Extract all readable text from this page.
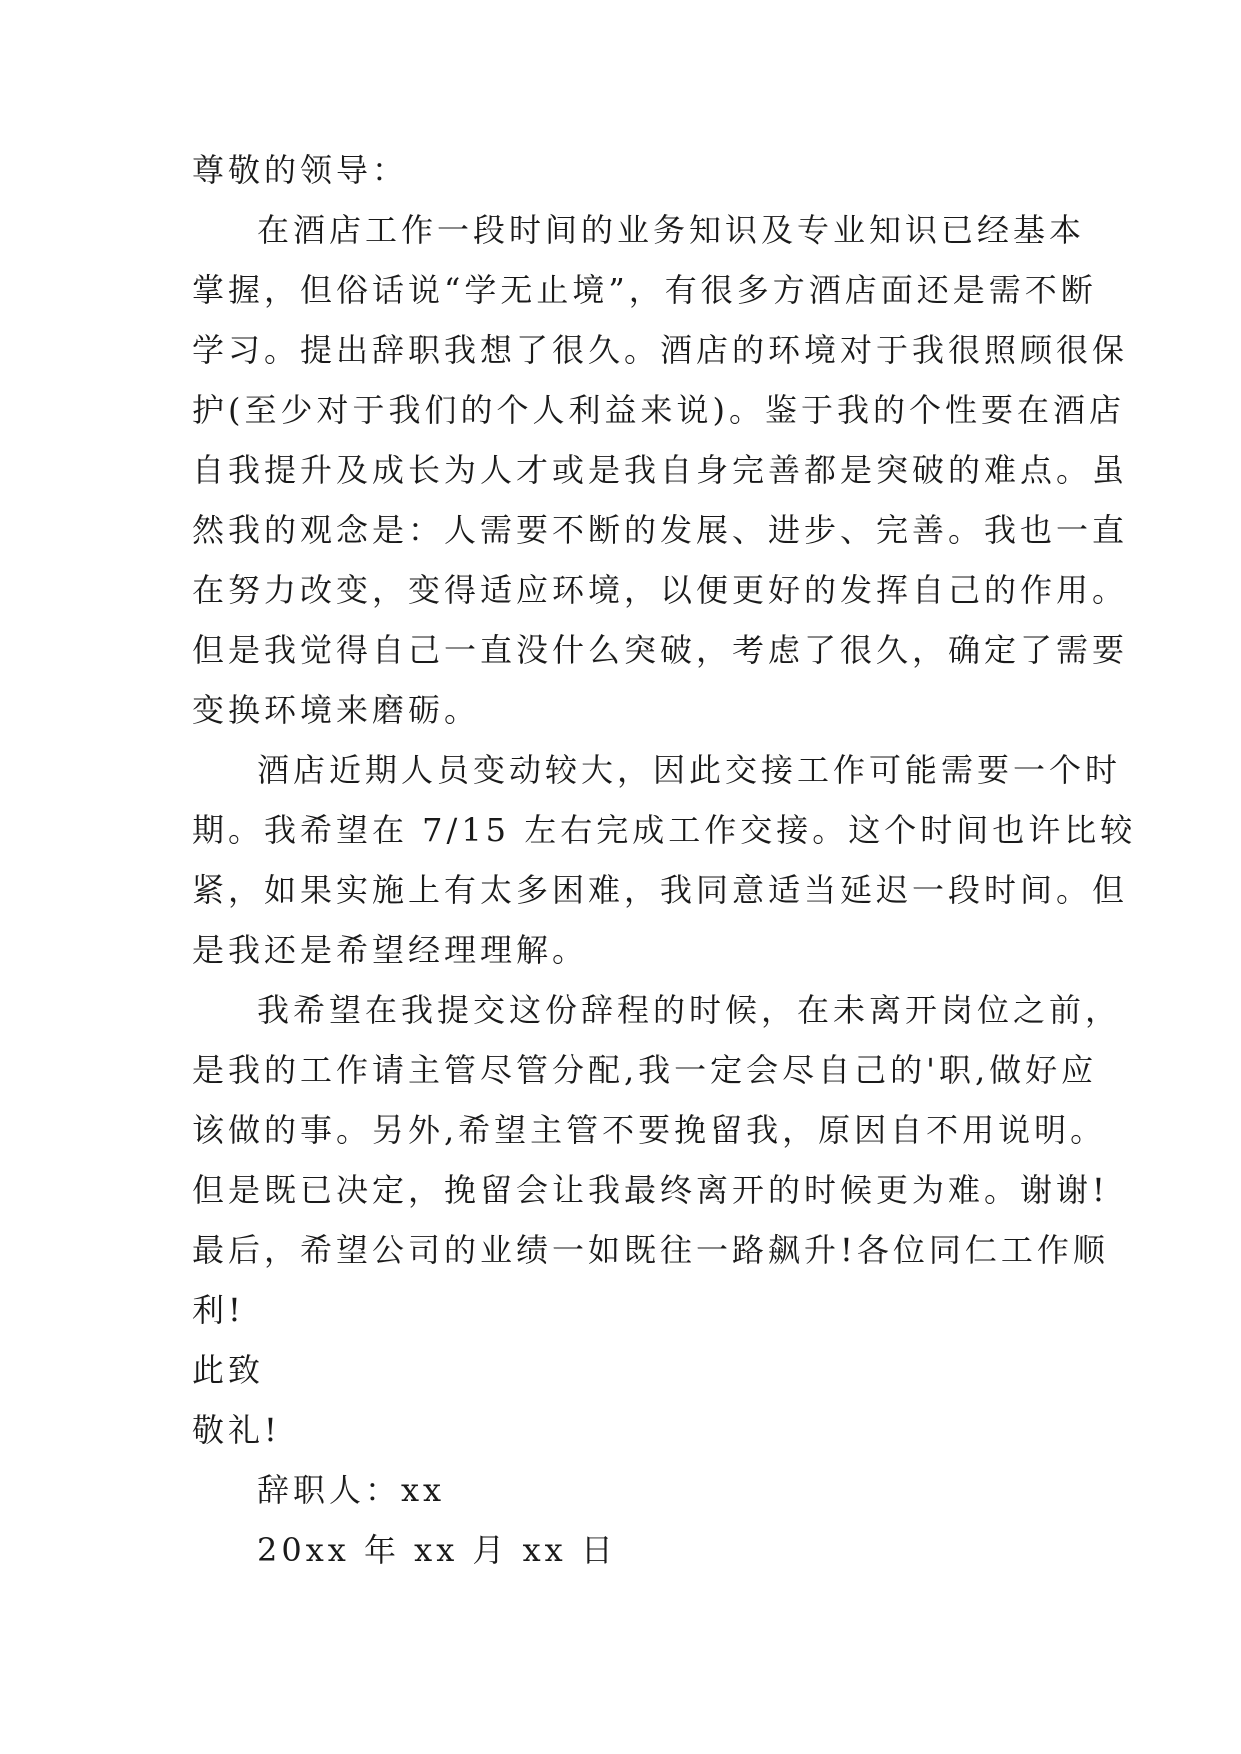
尊敬的领导：

在酒店工作一段时间的业务知识及专业知识已经基本

掌握，但俗话说“学无止境”，有很多方酒店面还是需不断

学习。提出辞职我想了很久。酒店的环境对于我很照顾很保

护(至少对于我们的个人利益来说)。鉴于我的个性要在酒店

自我提升及成长为人才或是我自身完善都是突破的难点。虽

然我的观念是：人需要不断的发展、进步、完善。我也一直

在努力改变，变得适应环境，以便更好的发挥自己的作用。

但是我觉得自己一直没什么突破，考虑了很久，确定了需要

变换环境来磨砺。

酒店近期人员变动较大，因此交接工作可能需要一个时

期。我希望在 7/15 左右完成工作交接。这个时间也许比较

紧，如果实施上有太多困难，我同意适当延迟一段时间。但

是我还是希望经理理解。

我希望在我提交这份辞程的时候，在未离开岗位之前，

是我的工作请主管尽管分配,我一定会尽自己的'职,做好应

该做的事。另外,希望主管不要挽留我，原因自不用说明。

但是既已决定，挽留会让我最终离开的时候更为难。谢谢!

最后，希望公司的业绩一如既往一路飙升!各位同仁工作顺

利!

此致

敬礼!

辞职人：xx

20xx 年 xx 月 xx 日
